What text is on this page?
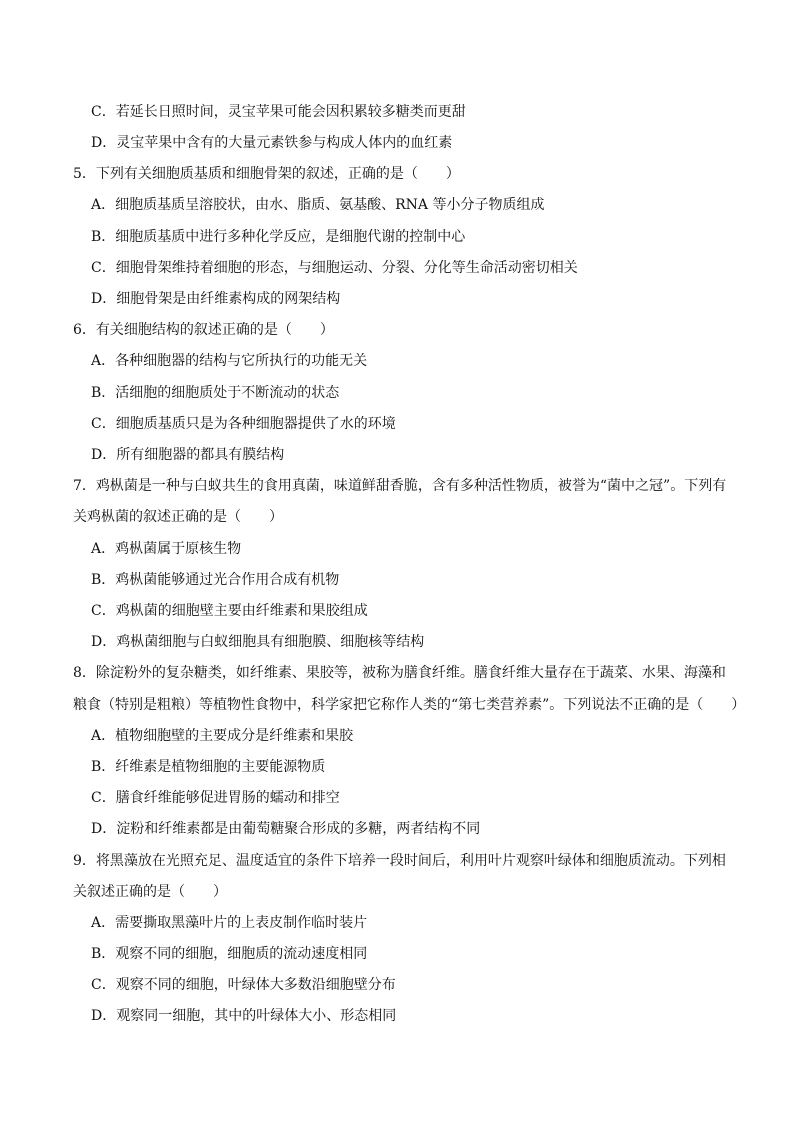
C．若延长日照时间，灵宝苹果可能会因积累较多糖类而更甜
D．灵宝苹果中含有的大量元素铁参与构成人体内的血红素
5．下列有关细胞质基质和细胞骨架的叙述，正确的是（　　）
A．细胞质基质呈溶胶状，由水、脂质、氨基酸、RNA 等小分子物质组成
B．细胞质基质中进行多种化学反应，是细胞代谢的控制中心
C．细胞骨架维持着细胞的形态，与细胞运动、分裂、分化等生命活动密切相关
D．细胞骨架是由纤维素构成的网架结构
6．有关细胞结构的叙述正确的是（　　）
A．各种细胞器的结构与它所执行的功能无关
B．活细胞的细胞质处于不断流动的状态
C．细胞质基质只是为各种细胞器提供了水的环境
D．所有细胞器的都具有膜结构
7．鸡枞菌是一种与白蚁共生的食用真菌，味道鲜甜香脆，含有多种活性物质，被誉为“菌中之冠”。下列有
关鸡枞菌的叙述正确的是（　　）
A．鸡枞菌属于原核生物
B．鸡枞菌能够通过光合作用合成有机物
C．鸡枞菌的细胞壁主要由纤维素和果胶组成
D．鸡枞菌细胞与白蚁细胞具有细胞膜、细胞核等结构
8．除淀粉外的复杂糖类，如纤维素、果胶等，被称为膳食纤维。膳食纤维大量存在于蔬菜、水果、海藻和
粮食（特别是粗粮）等植物性食物中，科学家把它称作人类的“第七类营养素”。下列说法不正确的是（　　）
A．植物细胞壁的主要成分是纤维素和果胶
B．纤维素是植物细胞的主要能源物质
C．膳食纤维能够促进胃肠的蠕动和排空
D．淀粉和纤维素都是由葡萄糖聚合形成的多糖，两者结构不同
9．将黑藻放在光照充足、温度适宜的条件下培养一段时间后，利用叶片观察叶绿体和细胞质流动。下列相
关叙述正确的是（　　）
A．需要撕取黑藻叶片的上表皮制作临时装片
B．观察不同的细胞，细胞质的流动速度相同
C．观察不同的细胞，叶绿体大多数沿细胞壁分布
D．观察同一细胞，其中的叶绿体大小、形态相同
